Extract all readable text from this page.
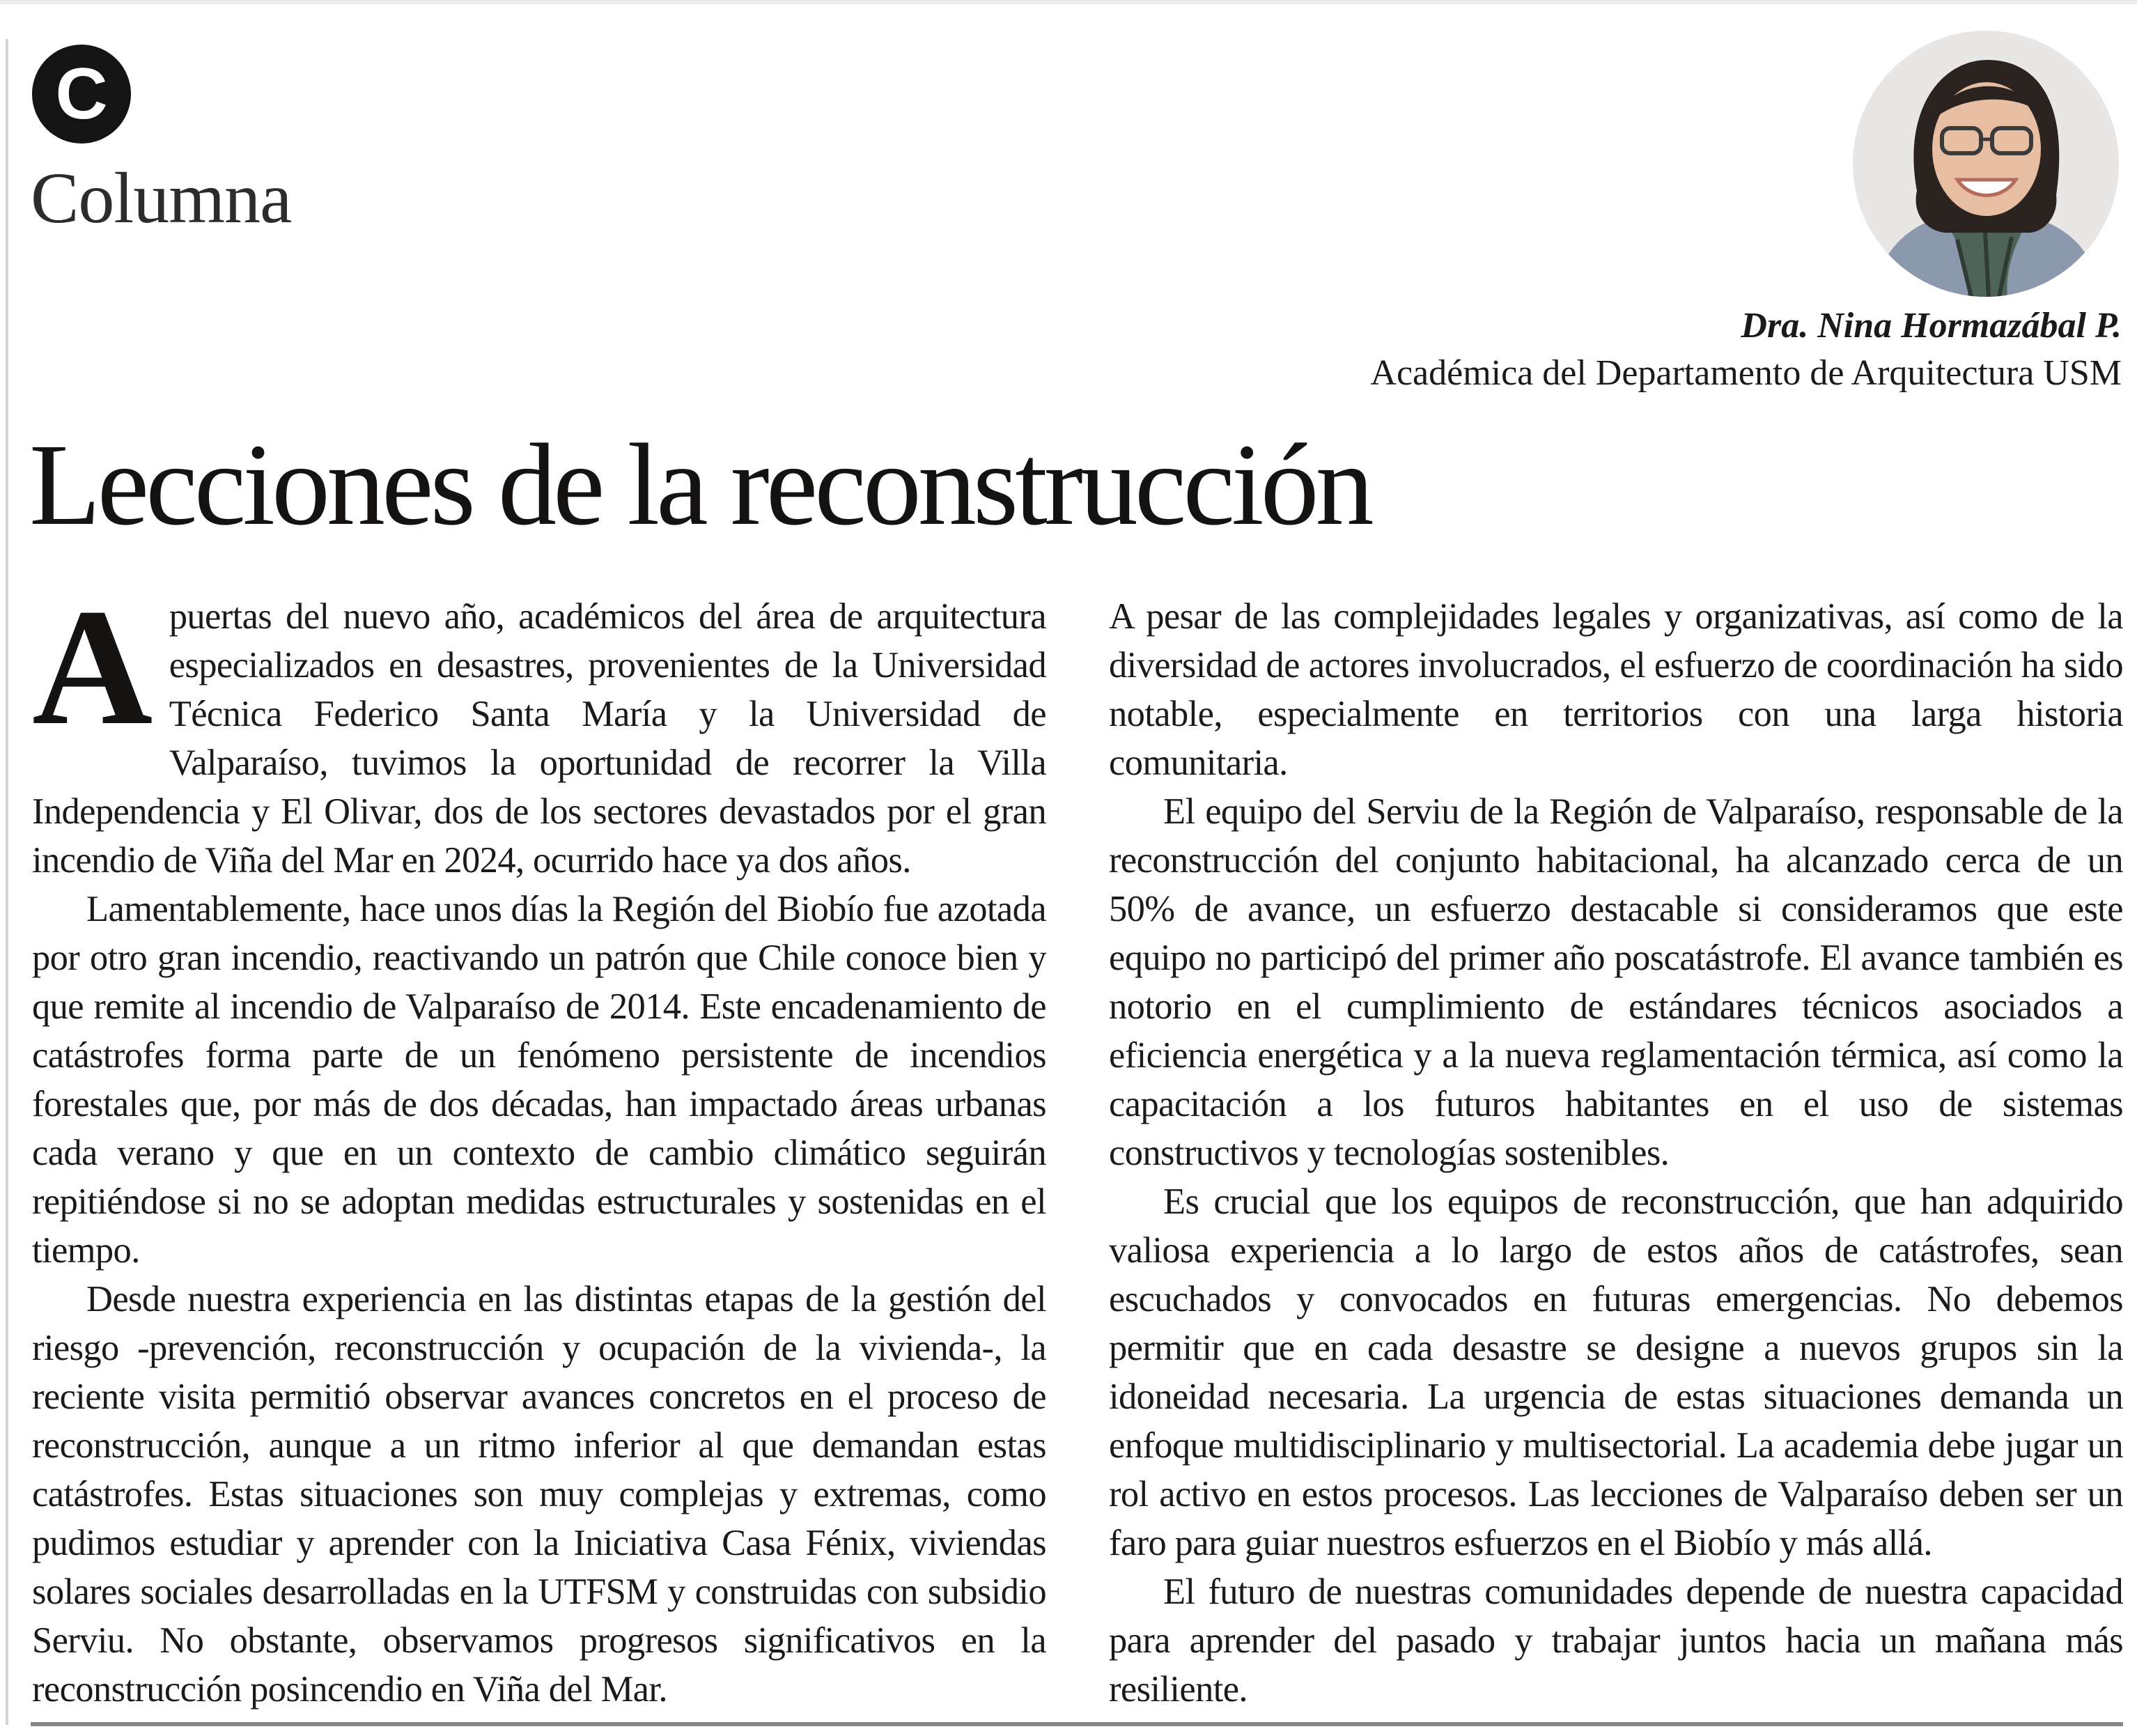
C
Columna
Dra. Nina Hormazábal P.
Académica del Departamento de Arquitectura USM
Lecciones de la reconstrucción

Apuertas del nuevo año, académicos del área de arquitectura especializados en desastres, provenientes de la Universidad Técnica Federico Santa María y la Universidad de Valparaíso, tuvimos la oportunidad de recorrer la Villa Independencia y El Olivar, dos de los sectores devastados por el gran incendio de Viña del Mar en 2024, ocurrido hace ya dos años.

Lamentablemente, hace unos días la Región del Biobío fue azotada por otro gran incendio, reactivando un patrón que Chile conoce bien y que remite al incendio de Valparaíso de 2014. Este encadenamiento de catástrofes forma parte de un fenómeno persistente de incendios forestales que, por más de dos décadas, han impactado áreas urbanas cada verano y que en un contexto de cambio climático seguirán repitiéndose si no se adoptan medidas estructurales y sostenidas en el tiempo.

Desde nuestra experiencia en las distintas etapas de la gestión del riesgo -prevención, reconstrucción y ocupación de la vivienda-, la reciente visita permitió observar avances concretos en el proceso de reconstrucción, aunque a un ritmo inferior al que demandan estas catástrofes. Estas situaciones son muy complejas y extremas, como pudimos estudiar y aprender con la Iniciativa Casa Fénix, viviendas solares sociales desarrolladas en la UTFSM y construidas con subsidio Serviu. No obstante, observamos progresos significativos en la reconstrucción posincendio en Viña del Mar.

A pesar de las complejidades legales y organizativas, así como de la diversidad de actores involucrados, el esfuerzo de coordinación ha sido notable, especialmente en territorios con una larga historia comunitaria.

El equipo del Serviu de la Región de Valparaíso, responsable de la reconstrucción del conjunto habitacional, ha alcanzado cerca de un 50% de avance, un esfuerzo destacable si consideramos que este equipo no participó del primer año poscatástrofe. El avance también es notorio en el cumplimiento de estándares técnicos asociados a eficiencia energética y a la nueva reglamentación térmica, así como la capacitación a los futuros habitantes en el uso de sistemas constructivos y tecnologías sostenibles.

Es crucial que los equipos de reconstrucción, que han adquirido valiosa experiencia a lo largo de estos años de catástrofes, sean escuchados y convocados en futuras emergencias. No debemos permitir que en cada desastre se designe a nuevos grupos sin la idoneidad necesaria. La urgencia de estas situaciones demanda un enfoque multidisciplinario y multisectorial. La academia debe jugar un rol activo en estos procesos. Las lecciones de Valparaíso deben ser un faro para guiar nuestros esfuerzos en el Biobío y más allá.

El futuro de nuestras comunidades depende de nuestra capacidad para aprender del pasado y trabajar juntos hacia un mañana más resiliente.
